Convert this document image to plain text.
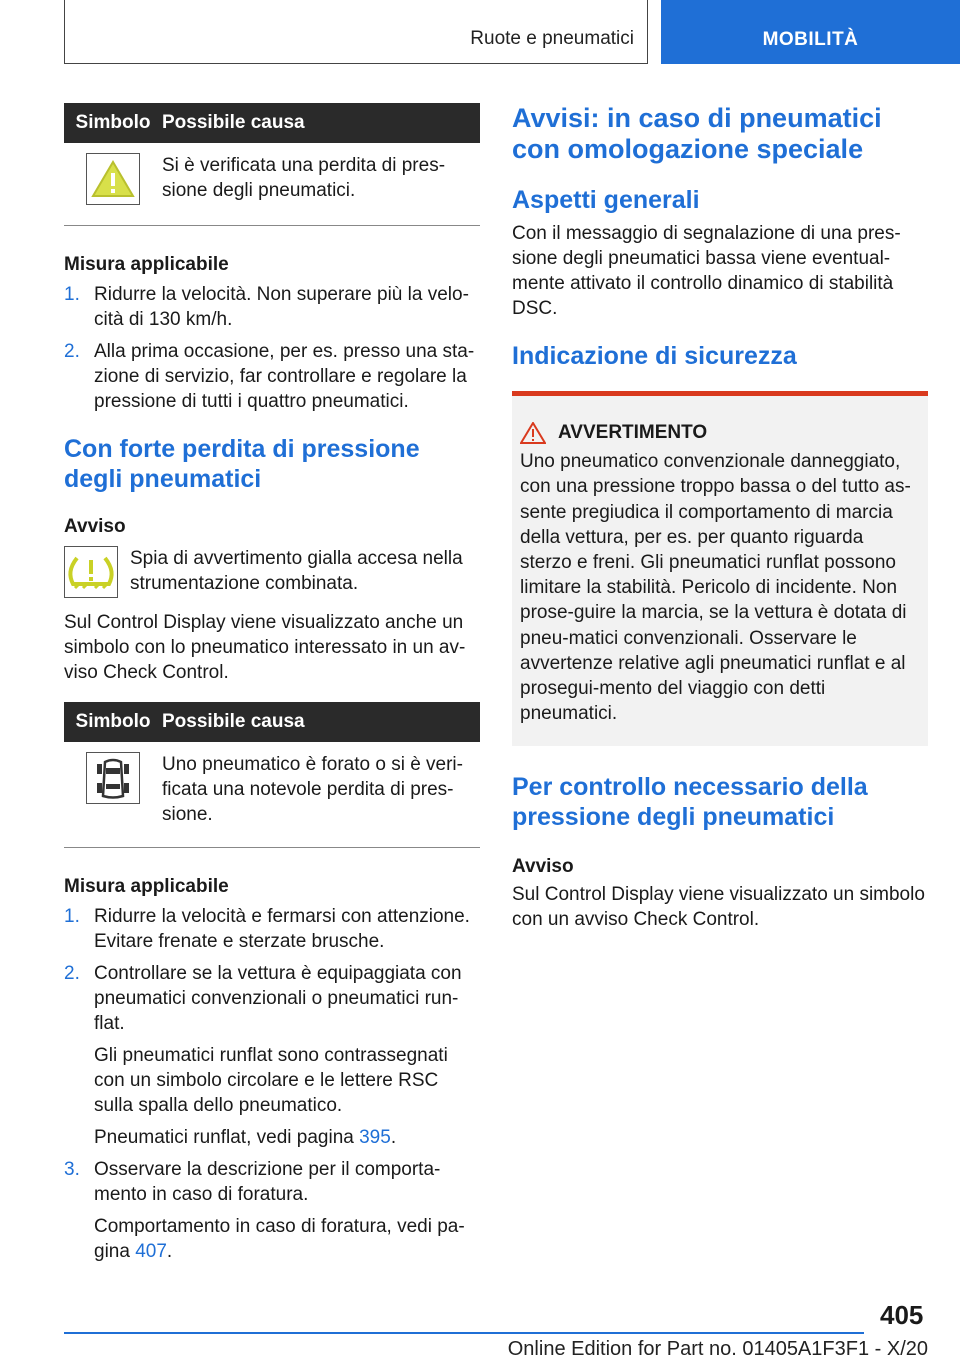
Ruote e pneumatici	MOBILITÀ
Simbolo Possibile causa
Si è verificata una perdita di pres-sione degli pneumatici.
Misura applicabile
1. Ridurre la velocità. Non superare più la velo-cità di 130 km/h.
2. Alla prima occasione, per es. presso una sta-zione di servizio, far controllare e regolare la pressione di tutti i quattro pneumatici.
Con forte perdita di pressione degli pneumatici
Avviso
Spia di avvertimento gialla accesa nella strumentazione combinata.
Sul Control Display viene visualizzato anche un simbolo con lo pneumatico interessato in un av-viso Check Control.
Simbolo Possibile causa
Uno pneumatico è forato o si è veri-ficata una notevole perdita di pres-sione.
Misura applicabile
1. Ridurre la velocità e fermarsi con attenzione. Evitare frenate e sterzate brusche.
2. Controllare se la vettura è equipaggiata con pneumatici convenzionali o pneumatici run-flat.
Gli pneumatici runflat sono contrassegnati con un simbolo circolare e le lettere RSC sulla spalla dello pneumatico.
Pneumatici runflat, vedi pagina 395.
3. Osservare la descrizione per il comporta-mento in caso di foratura.
Comportamento in caso di foratura, vedi pa-gina 407.
Avvisi: in caso di pneumatici con omologazione speciale
Aspetti generali
Con il messaggio di segnalazione di una pres-sione degli pneumatici bassa viene eventual-mente attivato il controllo dinamico di stabilità DSC.
Indicazione di sicurezza
AVVERTIMENTO
Uno pneumatico convenzionale danneggiato, con una pressione troppo bassa o del tutto as-sente pregiudica il comportamento di marcia della vettura, per es. per quanto riguarda sterzo e freni. Gli pneumatici runflat possono limitare la stabilità. Pericolo di incidente. Non prose-guire la marcia, se la vettura è dotata di pneu-matici convenzionali. Osservare le avvertenze relative agli pneumatici runflat e al prosegui-mento del viaggio con detti pneumatici.
Per controllo necessario della pressione degli pneumatici
Avviso
Sul Control Display viene visualizzato un simbolo con un avviso Check Control.
405
Online Edition for Part no. 01405A1F3F1 - X/20
